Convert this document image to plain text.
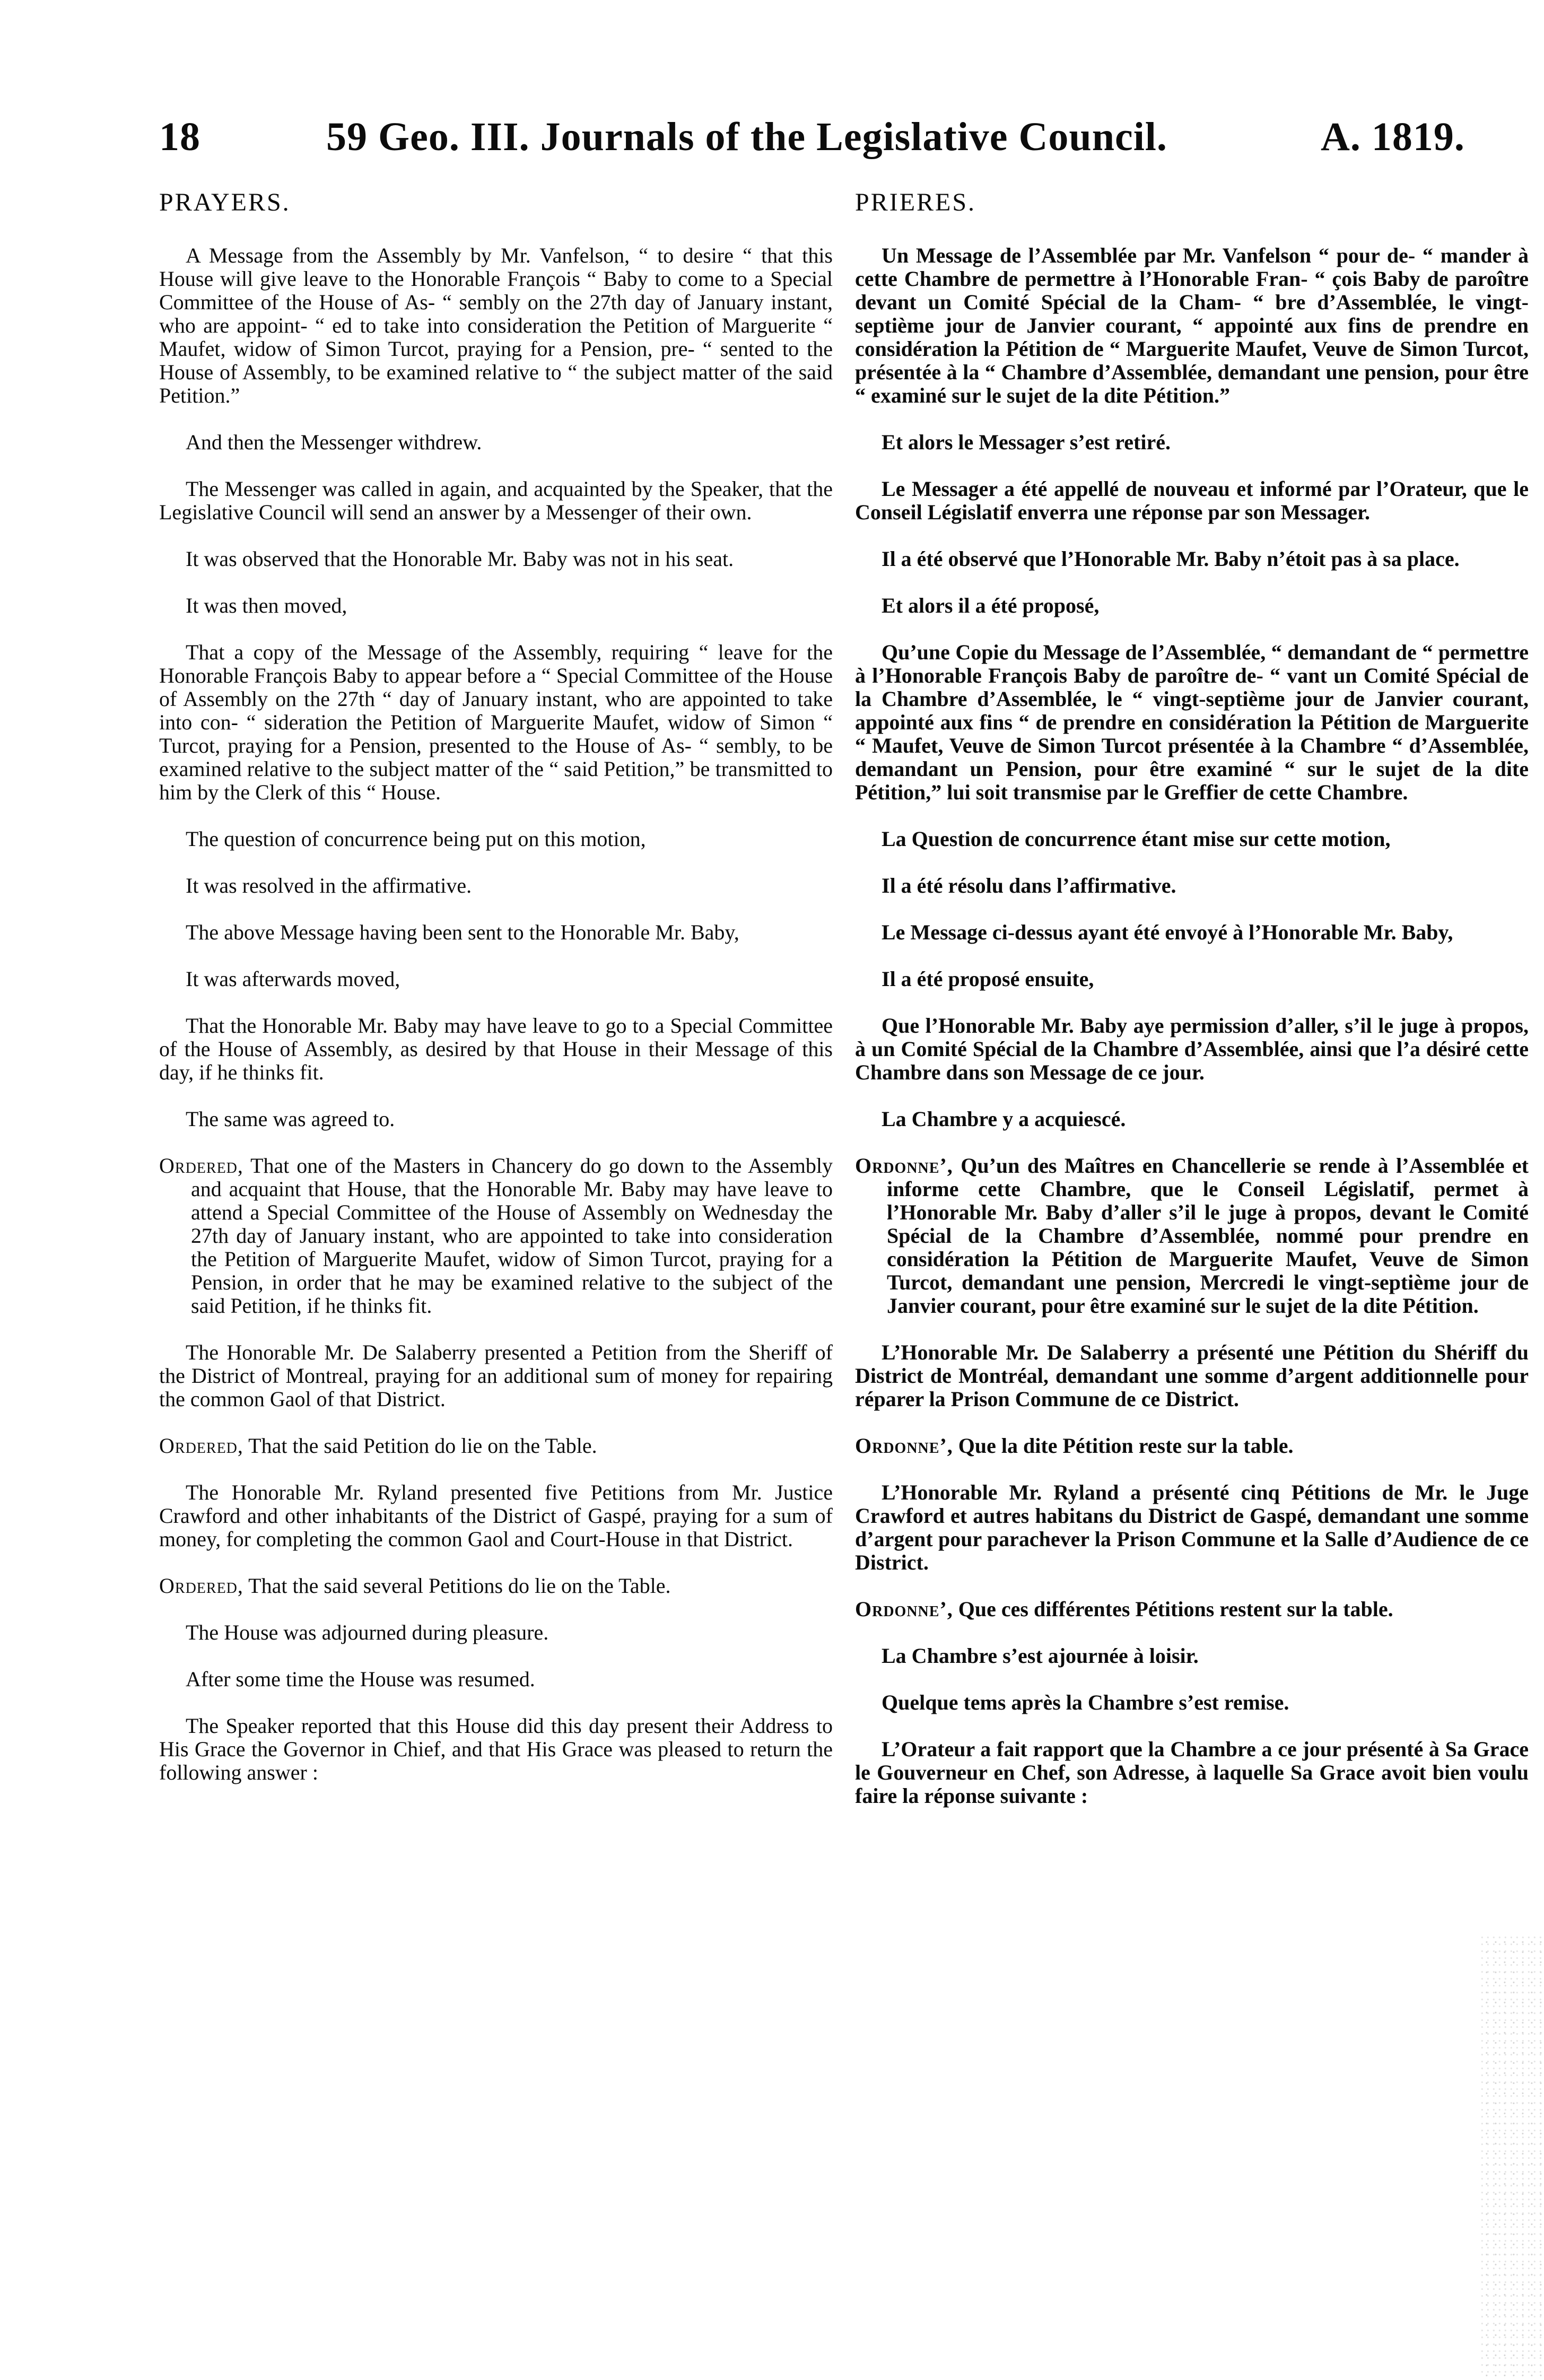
18	59 Geo. III. Journals of the Legislative Council.	A. 1819.
PRAYERS.

A Message from the Assembly by Mr. Vanfelson, “ to desire “ that this House will give leave to the Honorable François “ Baby to come to a Special Committee of the House of As- “ sembly on the 27th day of January instant, who are appoint- “ ed to take into consideration the Petition of Marguerite “ Maufet, widow of Simon Turcot, praying for a Pension, pre- “ sented to the House of Assembly, to be examined relative to “ the subject matter of the said Petition.”

And then the Messenger withdrew.

The Messenger was called in again, and acquainted by the Speaker, that the Legislative Council will send an answer by a Messenger of their own.

It was observed that the Honorable Mr. Baby was not in his seat.

It was then moved,

That a copy of the Message of the Assembly, requiring “ leave for the Honorable François Baby to appear before a “ Special Committee of the House of Assembly on the 27th “ day of January instant, who are appointed to take into con- “ sideration the Petition of Marguerite Maufet, widow of Simon “ Turcot, praying for a Pension, presented to the House of As- “ sembly, to be examined relative to the subject matter of the “ said Petition,” be transmitted to him by the Clerk of this “ House.

The question of concurrence being put on this motion,

It was resolved in the affirmative.

The above Message having been sent to the Honorable Mr. Baby,

It was afterwards moved,

That the Honorable Mr. Baby may have leave to go to a Special Committee of the House of Assembly, as desired by that House in their Message of this day, if he thinks fit.

The same was agreed to.

Ordered, That one of the Masters in Chancery do go down to the Assembly and acquaint that House, that the Honorable Mr. Baby may have leave to attend a Special Committee of the House of Assembly on Wednesday the 27th day of January instant, who are appointed to take into consideration the Petition of Marguerite Maufet, widow of Simon Turcot, praying for a Pension, in order that he may be examined relative to the subject of the said Petition, if he thinks fit.

The Honorable Mr. De Salaberry presented a Petition from the Sheriff of the District of Montreal, praying for an additional sum of money for repairing the common Gaol of that District.

Ordered, That the said Petition do lie on the Table.

The Honorable Mr. Ryland presented five Petitions from Mr. Justice Crawford and other inhabitants of the District of Gaspé, praying for a sum of money, for completing the common Gaol and Court-House in that District.

Ordered, That the said several Petitions do lie on the Table.

The House was adjourned during pleasure.

After some time the House was resumed.

The Speaker reported that this House did this day present their Address to His Grace the Governor in Chief, and that His Grace was pleased to return the following answer :

PRIERES.

Un Message de l’Assemblée par Mr. Vanfelson “ pour de- “ mander à cette Chambre de permettre à l’Honorable Fran- “ çois Baby de paroître devant un Comité Spécial de la Cham- “ bre d’Assemblée, le vingt-septième jour de Janvier courant, “ appointé aux fins de prendre en considération la Pétition de “ Marguerite Maufet, Veuve de Simon Turcot, présentée à la “ Chambre d’Assemblée, demandant une pension, pour être “ examiné sur le sujet de la dite Pétition.”

Et alors le Messager s’est retiré.

Le Messager a été appellé de nouveau et informé par l’Orateur, que le Conseil Législatif enverra une réponse par son Messager.

Il a été observé que l’Honorable Mr. Baby n’étoit pas à sa place.

Et alors il a été proposé,

Qu’une Copie du Message de l’Assemblée, “ demandant de “ permettre à l’Honorable François Baby de paroître de- “ vant un Comité Spécial de la Chambre d’Assemblée, le “ vingt-septième jour de Janvier courant, appointé aux fins “ de prendre en considération la Pétition de Marguerite “ Maufet, Veuve de Simon Turcot présentée à la Chambre “ d’Assemblée, demandant un Pension, pour être examiné “ sur le sujet de la dite Pétition,” lui soit transmise par le Greffier de cette Chambre.

La Question de concurrence étant mise sur cette motion,

Il a été résolu dans l’affirmative.

Le Message ci-dessus ayant été envoyé à l’Honorable Mr. Baby,

Il a été proposé ensuite,

Que l’Honorable Mr. Baby aye permission d’aller, s’il le juge à propos, à un Comité Spécial de la Chambre d’Assemblée, ainsi que l’a désiré cette Chambre dans son Message de ce jour.

La Chambre y a acquiescé.

Ordonne’, Qu’un des Maîtres en Chancellerie se rende à l’Assemblée et informe cette Chambre, que le Conseil Législatif, permet à l’Honorable Mr. Baby d’aller s’il le juge à propos, devant le Comité Spécial de la Chambre d’Assemblée, nommé pour prendre en considération la Pétition de Marguerite Maufet, Veuve de Simon Turcot, demandant une pension, Mercredi le vingt-septième jour de Janvier courant, pour être examiné sur le sujet de la dite Pétition.

L’Honorable Mr. De Salaberry a présenté une Pétition du Shériff du District de Montréal, demandant une somme d’argent additionnelle pour réparer la Prison Commune de ce District.

Ordonne’, Que la dite Pétition reste sur la table.

L’Honorable Mr. Ryland a présenté cinq Pétitions de Mr. le Juge Crawford et autres habitans du District de Gaspé, demandant une somme d’argent pour parachever la Prison Commune et la Salle d’Audience de ce District.

Ordonne’, Que ces différentes Pétitions restent sur la table.

La Chambre s’est ajournée à loisir.

Quelque tems après la Chambre s’est remise.

L’Orateur a fait rapport que la Chambre a ce jour présenté à Sa Grace le Gouverneur en Chef, son Adresse, à laquelle Sa Grace avoit bien voulu faire la réponse suivante :
